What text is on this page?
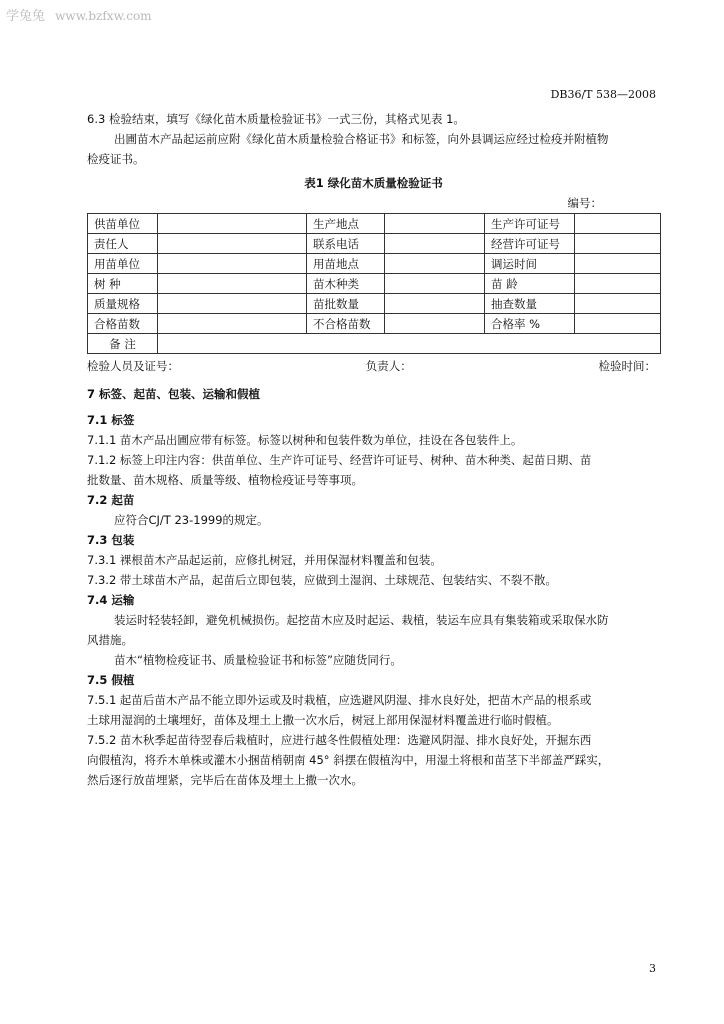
学兔兔 www.bzfxw.com
DB36/T 538—2008
6.3 检验结束，填写《绿化苗木质量检验证书》一式三份，其格式见表 1。
出圃苗木产品起运前应附《绿化苗木质量检验合格证书》和标签，向外县调运应经过检疫并附植物
检疫证书。
表1 绿化苗木质量检验证书
编号：
供苗单位		生产地点		生产许可证号	
责任人		联系电话		经营许可证号	
用苗单位		用苗地点		调运时间	
树 种		苗木种类		苗 龄	
质量规格		苗批数量		抽查数量	
合格苗数		不合格苗数		合格率 %	
备 注					
检验人员及证号：	负责人：	检验时间：
7 标签、起苗、包装、运输和假植
7.1 标签
7.1.1 苗木产品出圃应带有标签。标签以树种和包装件数为单位，挂设在各包装件上。
7.1.2 标签上印注内容：供苗单位、生产许可证号、经营许可证号、树种、苗木种类、起苗日期、苗
批数量、苗木规格、质量等级、植物检疫证号等事项。
7.2 起苗
应符合CJ/T 23-1999的规定。
7.3 包装
7.3.1 裸根苗木产品起运前，应修扎树冠，并用保湿材料覆盖和包装。
7.3.2 带土球苗木产品，起苗后立即包装，应做到土湿润、土球规范、包装结实、不裂不散。
7.4 运输
装运时轻装轻卸，避免机械损伤。起挖苗木应及时起运、栽植，装运车应具有集装箱或采取保水防
风措施。
苗木“植物检疫证书、质量检验证书和标签”应随货同行。
7.5 假植
7.5.1 起苗后苗木产品不能立即外运或及时栽植，应选避风阴湿、排水良好处，把苗木产品的根系或
土球用湿润的土壤埋好，苗体及埋土上撒一次水后，树冠上部用保湿材料覆盖进行临时假植。
7.5.2 苗木秋季起苗待翌春后栽植时，应进行越冬性假植处理：选避风阴湿、排水良好处，开掘东西
向假植沟，将乔木单株或灌木小捆苗梢朝南 45° 斜摆在假植沟中，用湿土将根和苗茎下半部盖严踩实，
然后逐行放苗埋紧，完毕后在苗体及埋土上撒一次水。
3
